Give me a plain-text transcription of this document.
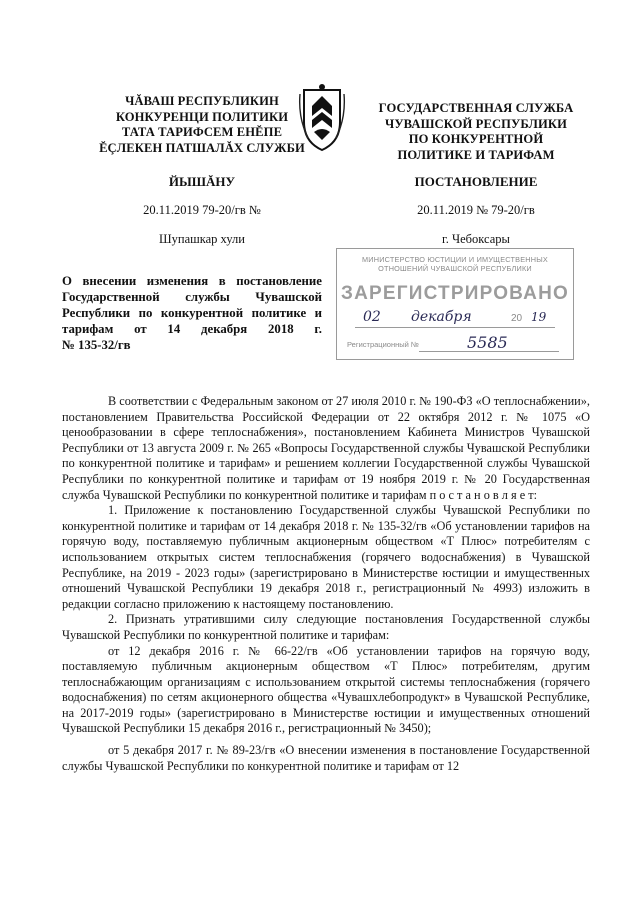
ЧĂВАШ РЕСПУБЛИКИН
КОНКУРЕНЦИ ПОЛИТИКИ
ТАТА ТАРИФСЕМ ЕНĔПЕ
ĔÇЛЕКЕН ПАТШАЛĂХ СЛУЖБИ
ЙЫШĂНУ
20.11.2019 79-20/гв №
Шупашкар хули
ГОСУДАРСТВЕННАЯ СЛУЖБА
ЧУВАШСКОЙ РЕСПУБЛИКИ
ПО КОНКУРЕНТНОЙ
ПОЛИТИКЕ И ТАРИФАМ
ПОСТАНОВЛЕНИЕ
20.11.2019 № 79-20/гв
г. Чебоксары
МИНИСТЕРСТВО ЮСТИЦИИ И ИМУЩЕСТВЕННЫХ
ОТНОШЕНИЙ ЧУВАШСКОЙ РЕСПУБЛИКИ
ЗАРЕГИСТРИРОВАНО
02 декабря	20 19
Регистрационный №	5585
О внесении изменения в постановление
Государственной службы Чувашской
Республики по конкурентной политике и
тарифам от 14 декабря 2018 г.
№ 135-32/гв

В соответствии с Федеральным законом от 27 июля 2010 г. № 190-ФЗ «О теплоснабжении», постановлением Правительства Российской Федерации от 22 октября 2012 г. № 1075 «О ценообразовании в сфере теплоснабжения», постановлением Кабинета Министров Чувашской Республики от 13 августа 2009 г. № 265 «Вопросы Государственной службы Чувашской Республики по конкурентной политике и тарифам» и решением коллегии Государственной службы Чувашской Республики по конкурентной политике и тарифам от 19 ноября 2019 г. № 20 Государственная служба Чувашской Республики по конкурентной политике и тарифам п о с т а н о в л я е т:

1. Приложение к постановлению Государственной службы Чувашской Республики по конкурентной политике и тарифам от 14 декабря 2018 г. № 135-32/гв «Об установлении тарифов на горячую воду, поставляемую публичным акционерным обществом «Т Плюс» потребителям с использованием открытых систем теплоснабжения (горячего водоснабжения) в Чувашской Республике, на 2019 - 2023 годы» (зарегистрировано в Министерстве юстиции и имущественных отношений Чувашской Республики 19 декабря 2018 г., регистрационный № 4993) изложить в редакции согласно приложению к настоящему постановлению.

2. Признать утратившими силу следующие постановления Государственной службы Чувашской Республики по конкурентной политике и тарифам:

от 12 декабря 2016 г. № 66-22/гв «Об установлении тарифов на горячую воду, поставляемую публичным акционерным обществом «Т Плюс» потребителям, другим теплоснабжающим организациям с использованием открытой системы теплоснабжения (горячего водоснабжения) по сетям акционерного общества «Чувашхлебопродукт» в Чувашской Республике, на 2017-2019 годы» (зарегистрировано в Министерстве юстиции и имущественных отношений Чувашской Республики 15 декабря 2016 г., регистрационный № 3450);

от 5 декабря 2017 г. № 89-23/гв «О внесении изменения в постановление Государственной службы Чувашской Республики по конкурентной политике и тарифам от 12
